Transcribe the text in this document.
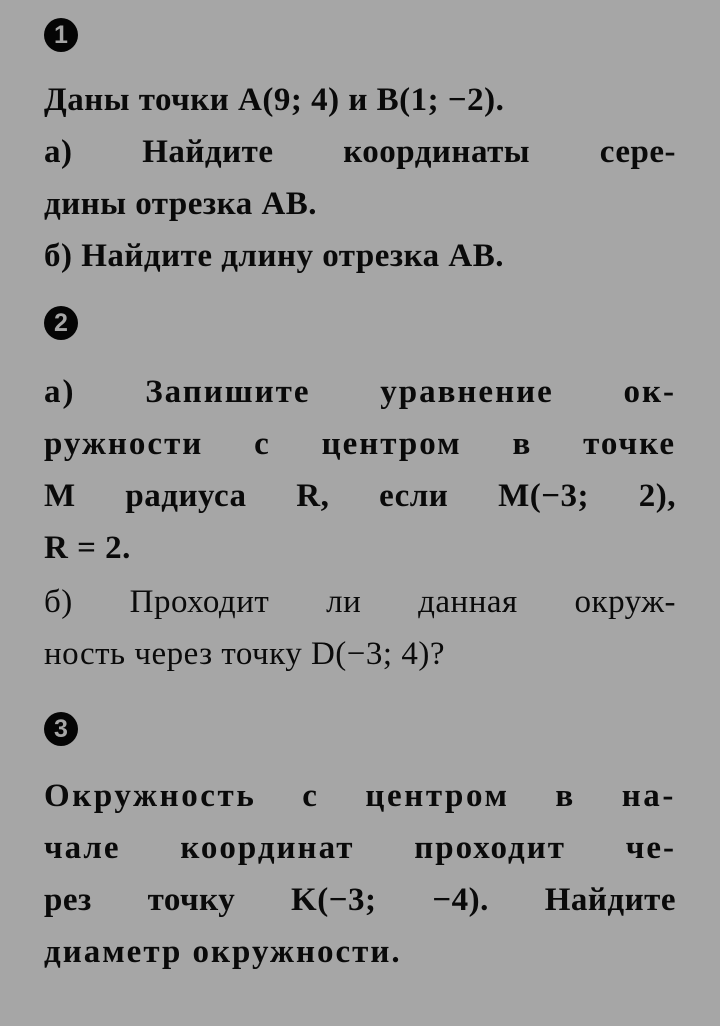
1
Даны точки A(9; 4) и B(1; −2).
а) Найдите координаты сере-
дины отрезка AB.
б) Найдите длину отрезка AB.
2
а) Запишите уравнение ок-
ружности с центром в точке
M радиуса R, если M(−3; 2),
R = 2.
б) Проходит ли данная окруж-
ность через точку D(−3; 4)?
3
Окружность с центром в на-
чале координат проходит че-
рез точку K(−3; −4). Найдите
диаметр окружности.
